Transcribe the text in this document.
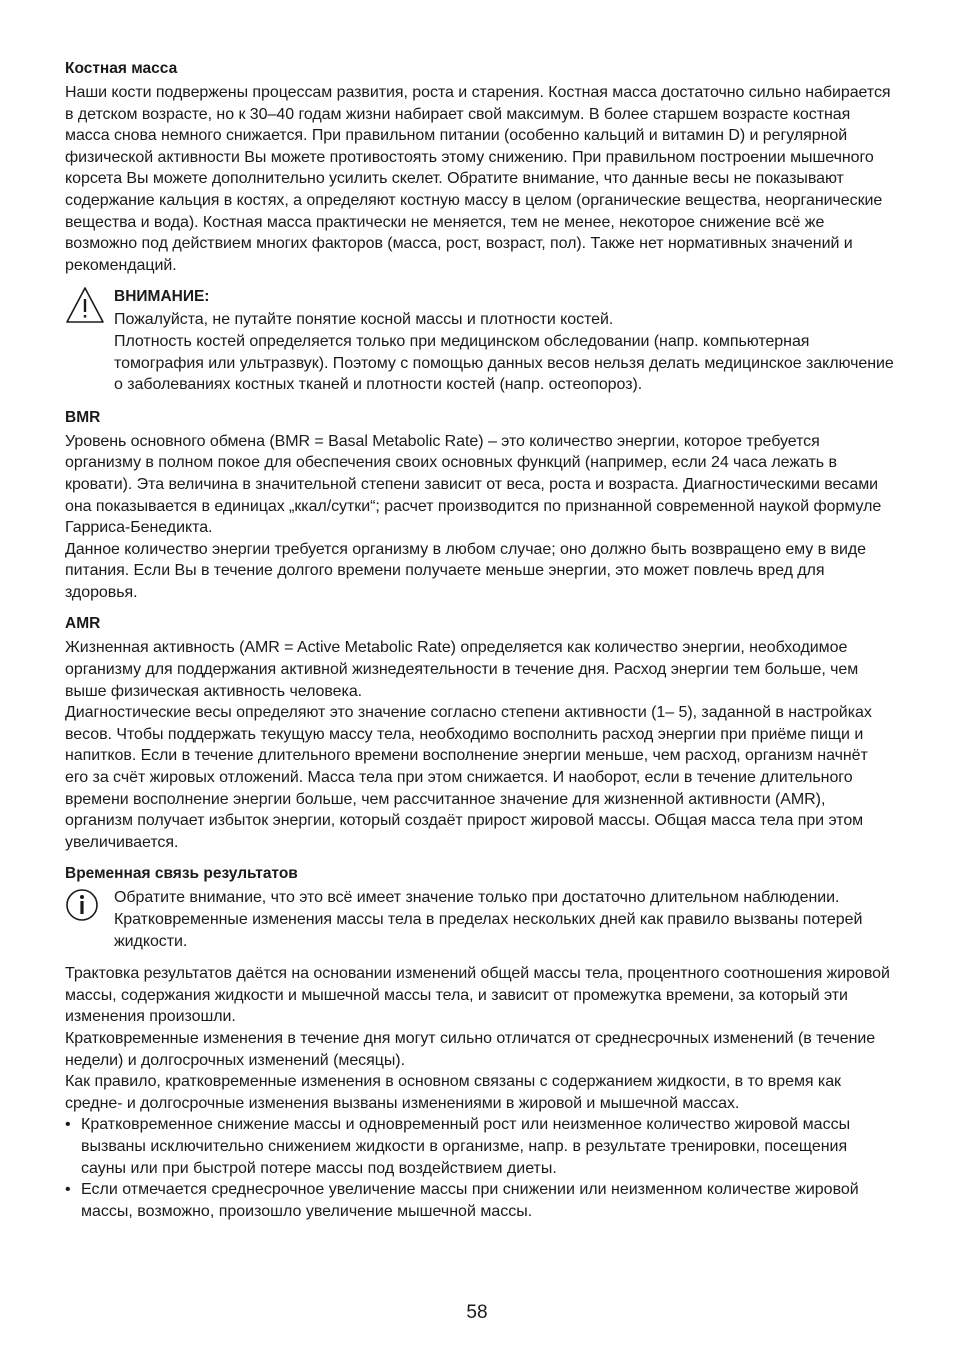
Костная масса

Наши кости подвержены процессам развития, роста и старения. Костная масса достаточно сильно набирается в детском возрасте, но к 30–40 годам жизни набирает свой максимум. В более старшем возрасте костная масса снова немного снижается. При правильном питании (особенно кальций и витамин D) и регулярной физической активности Вы можете противостоять этому снижению. При правильном построении мышечного корсета Вы можете дополнительно усилить скелет. Обратите внимание, что данные весы не показывают содержание кальция в костях, а определяют костную массу в целом (органические вещества, неорганические вещества и вода). Костная масса практически не меняется, тем не менее, некоторое снижение всё же возможно под действием многих факторов (масса, рост, возраст, пол). Также нет нормативных значений и рекомендаций.

ВНИМАНИЕ:

Пожалуйста, не путайте понятие косной массы и плотности костей.

Плотность костей определяется только при медицинском обследовании (напр. компьютерная томография или ультразвук). Поэтому с помощью данных весов нельзя делать медицинское заключение о заболеваниях костных тканей и плотности костей (напр. остеопороз).

BMR

Уровень основного обмена (BMR = Basal Metabolic Rate) – это количество энергии, которое требуется организму в полном покое для обеспечения своих основных функций (например, если 24 часа лежать в кровати). Эта величина в значительной степени зависит от веса, роста и возраста. Диагностическими весами она показывается в единицах „ккал/сутки“; расчет производится по признанной современной наукой формуле Гарриса-Бенедикта.

Данное количество энергии требуется организму в любом случае; оно должно быть возвращено ему в виде питания. Если Вы в течение долгого времени получаете меньше энергии, это может повлечь вред для здоровья.

AMR

Жизненная активность (AMR = Active Metabolic Rate) определяется как количество энергии, необходимое организму для поддержания активной жизнедеятельности в течение дня. Расход энергии тем больше, чем выше физическая активность человека.

Диагностические весы определяют это значение согласно степени активности (1– 5), заданной в настройках весов. Чтобы поддержать текущую массу тела, необходимо восполнить расход энергии при приёме пищи и напитков. Если в течение длительного времени восполнение энергии меньше, чем расход, организм начнёт его за счёт жировых отложений. Масса тела при этом снижается. И наоборот, если в течение длительного времени восполнение энергии больше, чем рассчитанное значение для жизненной активности (AMR), организм получает избыток энергии, который создаёт прирост жировой массы. Общая масса тела при этом увеличивается.

Временная связь результатов

Обратите внимание, что это всё имеет значение только при достаточно длительном наблюдении. Кратковременные изменения массы тела в пределах нескольких дней как правило вызваны потерей жидкости.

Трактовка результатов даётся на основании изменений общей массы тела, процентного соотношения жировой массы, содержания жидкости и мышечной массы тела, и зависит от промежутка времени, за который эти изменения произошли.

Кратковременные изменения в течение дня могут сильно отличатся от среднесрочных изменений (в течение недели) и долгосрочных изменений (месяцы).

Как правило, кратковременные изменения в основном связаны с содержанием жидкости, в то время как средне- и долгосрочные изменения вызваны изменениями в жировой и мышечной массах.

• Кратковременное снижение массы и одновременный рост или неизменное количество жировой массы вызваны исключительно снижением жидкости в организме, напр. в результате тренировки, посещения сауны или при быстрой потере массы под воздействием диеты.
• Если отмечается среднесрочное увеличение массы при снижении или неизменном количестве жировой массы, возможно, произошло увеличение мышечной массы.
58
